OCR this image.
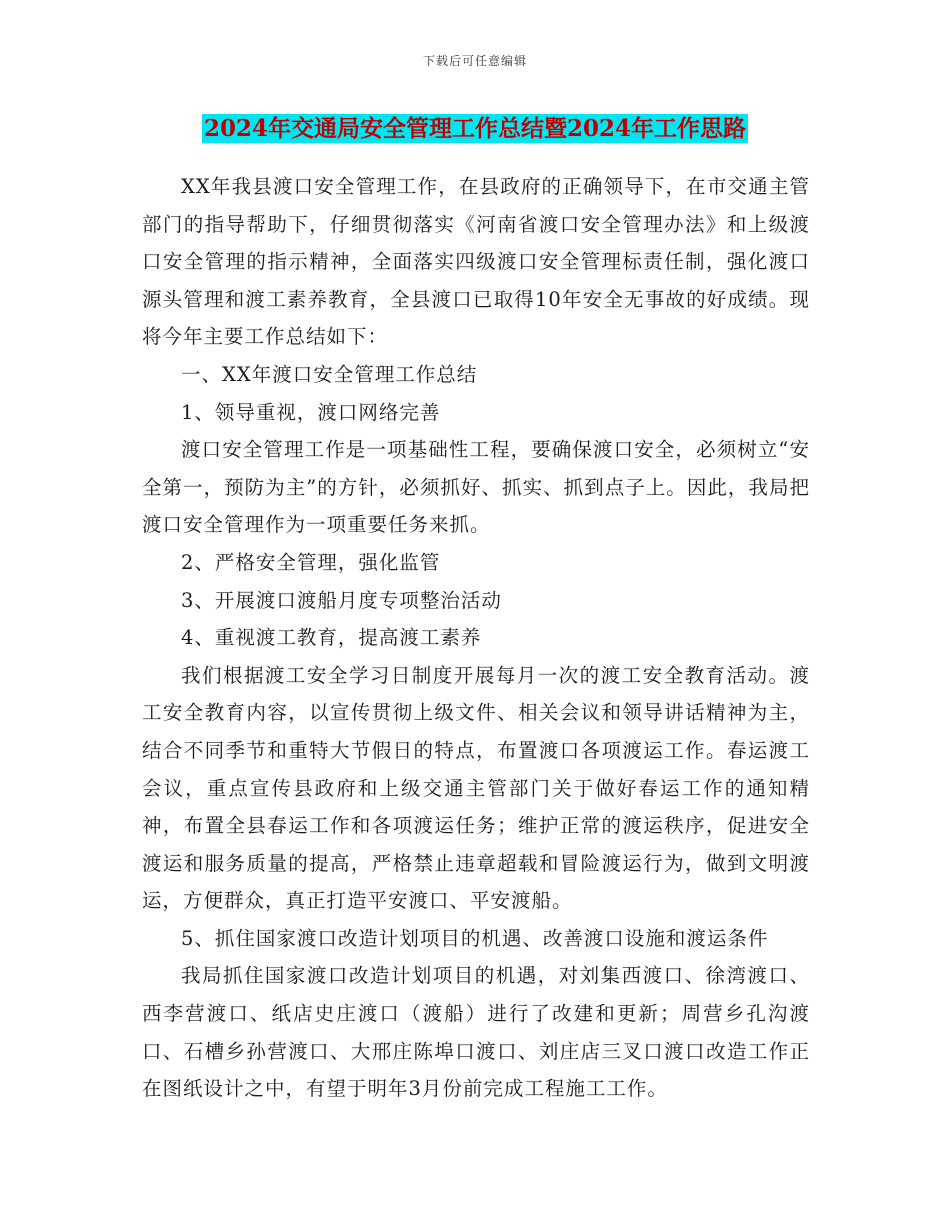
下载后可任意编辑
2024年交通局安全管理工作总结暨2024年工作思路

XX年我县渡口安全管理工作，在县政府的正确领导下，在市交通主管部门的指导帮助下，仔细贯彻落实《河南省渡口安全管理办法》和上级渡口安全管理的指示精神，全面落实四级渡口安全管理标责任制，强化渡口源头管理和渡工素养教育，全县渡口已取得10年安全无事故的好成绩。现将今年主要工作总结如下：

一、XX年渡口安全管理工作总结

1、领导重视，渡口网络完善

渡口安全管理工作是一项基础性工程，要确保渡口安全，必须树立“安全第一，预防为主”的方针，必须抓好、抓实、抓到点子上。因此，我局把渡口安全管理作为一项重要任务来抓。

2、严格安全管理，强化监管

3、开展渡口渡船月度专项整治活动

4、重视渡工教育，提高渡工素养

我们根据渡工安全学习日制度开展每月一次的渡工安全教育活动。渡工安全教育内容，以宣传贯彻上级文件、相关会议和领导讲话精神为主，结合不同季节和重特大节假日的特点，布置渡口各项渡运工作。春运渡工会议，重点宣传县政府和上级交通主管部门关于做好春运工作的通知精神，布置全县春运工作和各项渡运任务；维护正常的渡运秩序，促进安全渡运和服务质量的提高，严格禁止违章超载和冒险渡运行为，做到文明渡运，方便群众，真正打造平安渡口、平安渡船。

5、抓住国家渡口改造计划项目的机遇、改善渡口设施和渡运条件

我局抓住国家渡口改造计划项目的机遇，对刘集西渡口、徐湾渡口、西李营渡口、纸店史庄渡口（渡船）进行了改建和更新；周营乡孔沟渡口、石槽乡孙营渡口、大邢庄陈埠口渡口、刘庄店三叉口渡口改造工作正在图纸设计之中，有望于明年3月份前完成工程施工工作。
